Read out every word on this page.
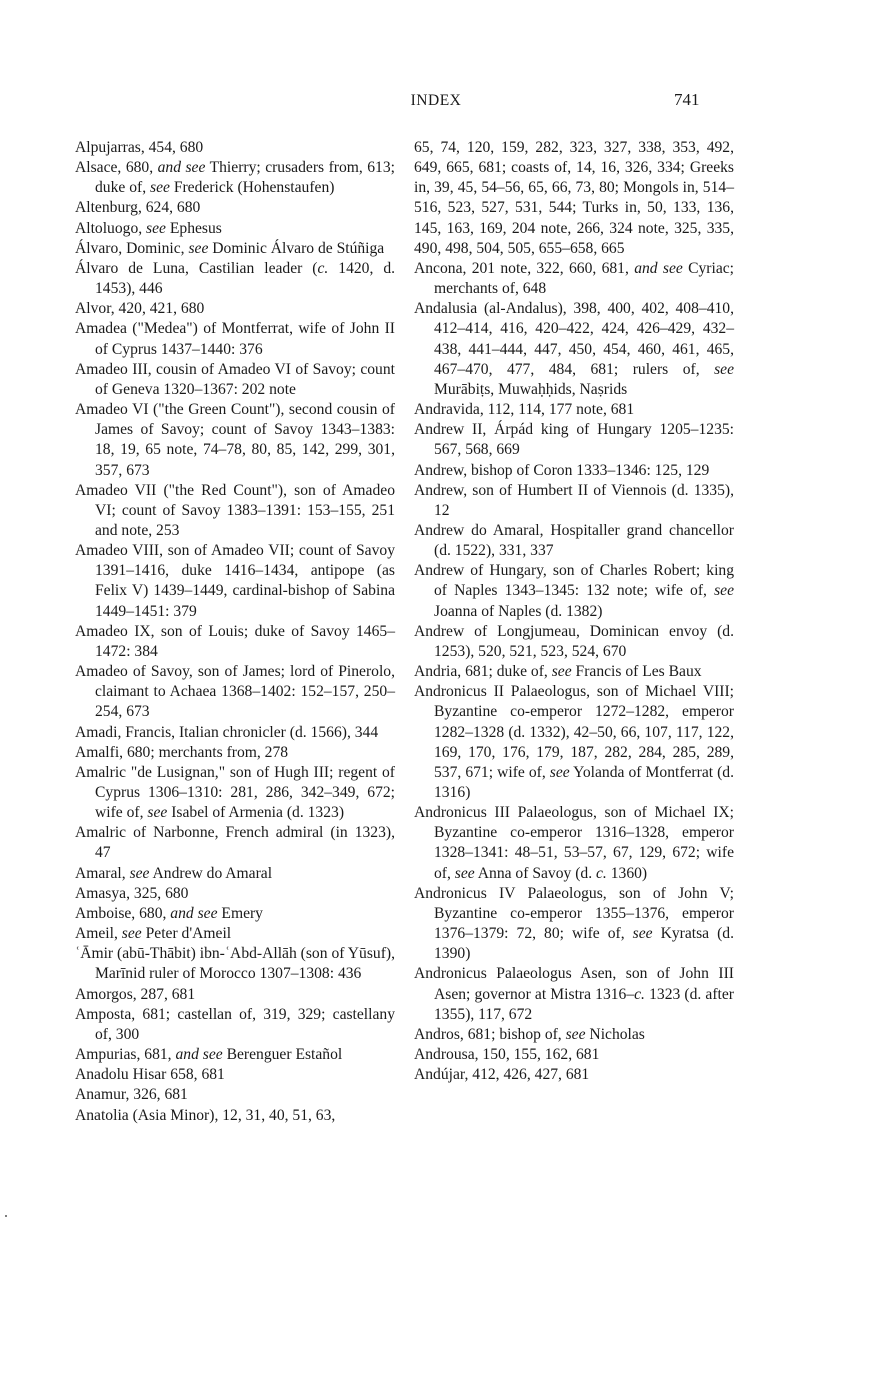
INDEX	741

Alpujarras, 454, 680

Alsace, 680, and see Thierry; crusaders from, 613; duke of, see Frederick (Hohenstaufen)

Altenburg, 624, 680

Altoluogo, see Ephesus

Álvaro, Dominic, see Dominic Álvaro de Stúñiga

Álvaro de Luna, Castilian leader (c. 1420, d. 1453), 446

Alvor, 420, 421, 680

Amadea ("Medea") of Montferrat, wife of John II of Cyprus 1437–1440: 376

Amadeo III, cousin of Amadeo VI of Savoy; count of Geneva 1320–1367: 202 note

Amadeo VI ("the Green Count"), second cousin of James of Savoy; count of Savoy 1343–1383: 18, 19, 65 note, 74–78, 80, 85, 142, 299, 301, 357, 673

Amadeo VII ("the Red Count"), son of Amadeo VI; count of Savoy 1383–1391: 153–155, 251 and note, 253

Amadeo VIII, son of Amadeo VII; count of Savoy 1391–1416, duke 1416–1434, antipope (as Felix V) 1439–1449, cardinal-bishop of Sabina 1449–1451: 379

Amadeo IX, son of Louis; duke of Savoy 1465–1472: 384

Amadeo of Savoy, son of James; lord of Pinerolo, claimant to Achaea 1368–1402: 152–157, 250–254, 673

Amadi, Francis, Italian chronicler (d. 1566), 344

Amalfi, 680; merchants from, 278

Amalric "de Lusignan," son of Hugh III; regent of Cyprus 1306–1310: 281, 286, 342–349, 672; wife of, see Isabel of Armenia (d. 1323)

Amalric of Narbonne, French admiral (in 1323), 47

Amaral, see Andrew do Amaral

Amasya, 325, 680

Amboise, 680, and see Emery

Ameil, see Peter d'Ameil

ʿĀmir (abū-Thābit) ibn-ʿAbd-Allāh (son of Yūsuf), Marīnid ruler of Morocco 1307–1308: 436

Amorgos, 287, 681

Amposta, 681; castellan of, 319, 329; castellany of, 300

Ampurias, 681, and see Berenguer Estañol

Anadolu Hisar 658, 681

Anamur, 326, 681

Anatolia (Asia Minor), 12, 31, 40, 51, 63,

65, 74, 120, 159, 282, 323, 327, 338, 353, 492, 649, 665, 681; coasts of, 14, 16, 326, 334; Greeks in, 39, 45, 54–56, 65, 66, 73, 80; Mongols in, 514–516, 523, 527, 531, 544; Turks in, 50, 133, 136, 145, 163, 169, 204 note, 266, 324 note, 325, 335, 490, 498, 504, 505, 655–658, 665

Ancona, 201 note, 322, 660, 681, and see Cyriac; merchants of, 648

Andalusia (al-Andalus), 398, 400, 402, 408–410, 412–414, 416, 420–422, 424, 426–429, 432–438, 441–444, 447, 450, 454, 460, 461, 465, 467–470, 477, 484, 681; rulers of, see Murābiṭs, Muwaḥḥids, Naṣrids

Andravida, 112, 114, 177 note, 681

Andrew II, Árpád king of Hungary 1205–1235: 567, 568, 669

Andrew, bishop of Coron 1333–1346: 125, 129

Andrew, son of Humbert II of Viennois (d. 1335), 12

Andrew do Amaral, Hospitaller grand chancellor (d. 1522), 331, 337

Andrew of Hungary, son of Charles Robert; king of Naples 1343–1345: 132 note; wife of, see Joanna of Naples (d. 1382)

Andrew of Longjumeau, Dominican envoy (d. 1253), 520, 521, 523, 524, 670

Andria, 681; duke of, see Francis of Les Baux

Andronicus II Palaeologus, son of Michael VIII; Byzantine co-emperor 1272–1282, emperor 1282–1328 (d. 1332), 42–50, 66, 107, 117, 122, 169, 170, 176, 179, 187, 282, 284, 285, 289, 537, 671; wife of, see Yolanda of Montferrat (d. 1316)

Andronicus III Palaeologus, son of Michael IX; Byzantine co-emperor 1316–1328, emperor 1328–1341: 48–51, 53–57, 67, 129, 672; wife of, see Anna of Savoy (d. c. 1360)

Andronicus IV Palaeologus, son of John V; Byzantine co-emperor 1355–1376, emperor 1376–1379: 72, 80; wife of, see Kyratsa (d. 1390)

Andronicus Palaeologus Asen, son of John III Asen; governor at Mistra 1316–c. 1323 (d. after 1355), 117, 672

Andros, 681; bishop of, see Nicholas

Androusa, 150, 155, 162, 681

Andújar, 412, 426, 427, 681
